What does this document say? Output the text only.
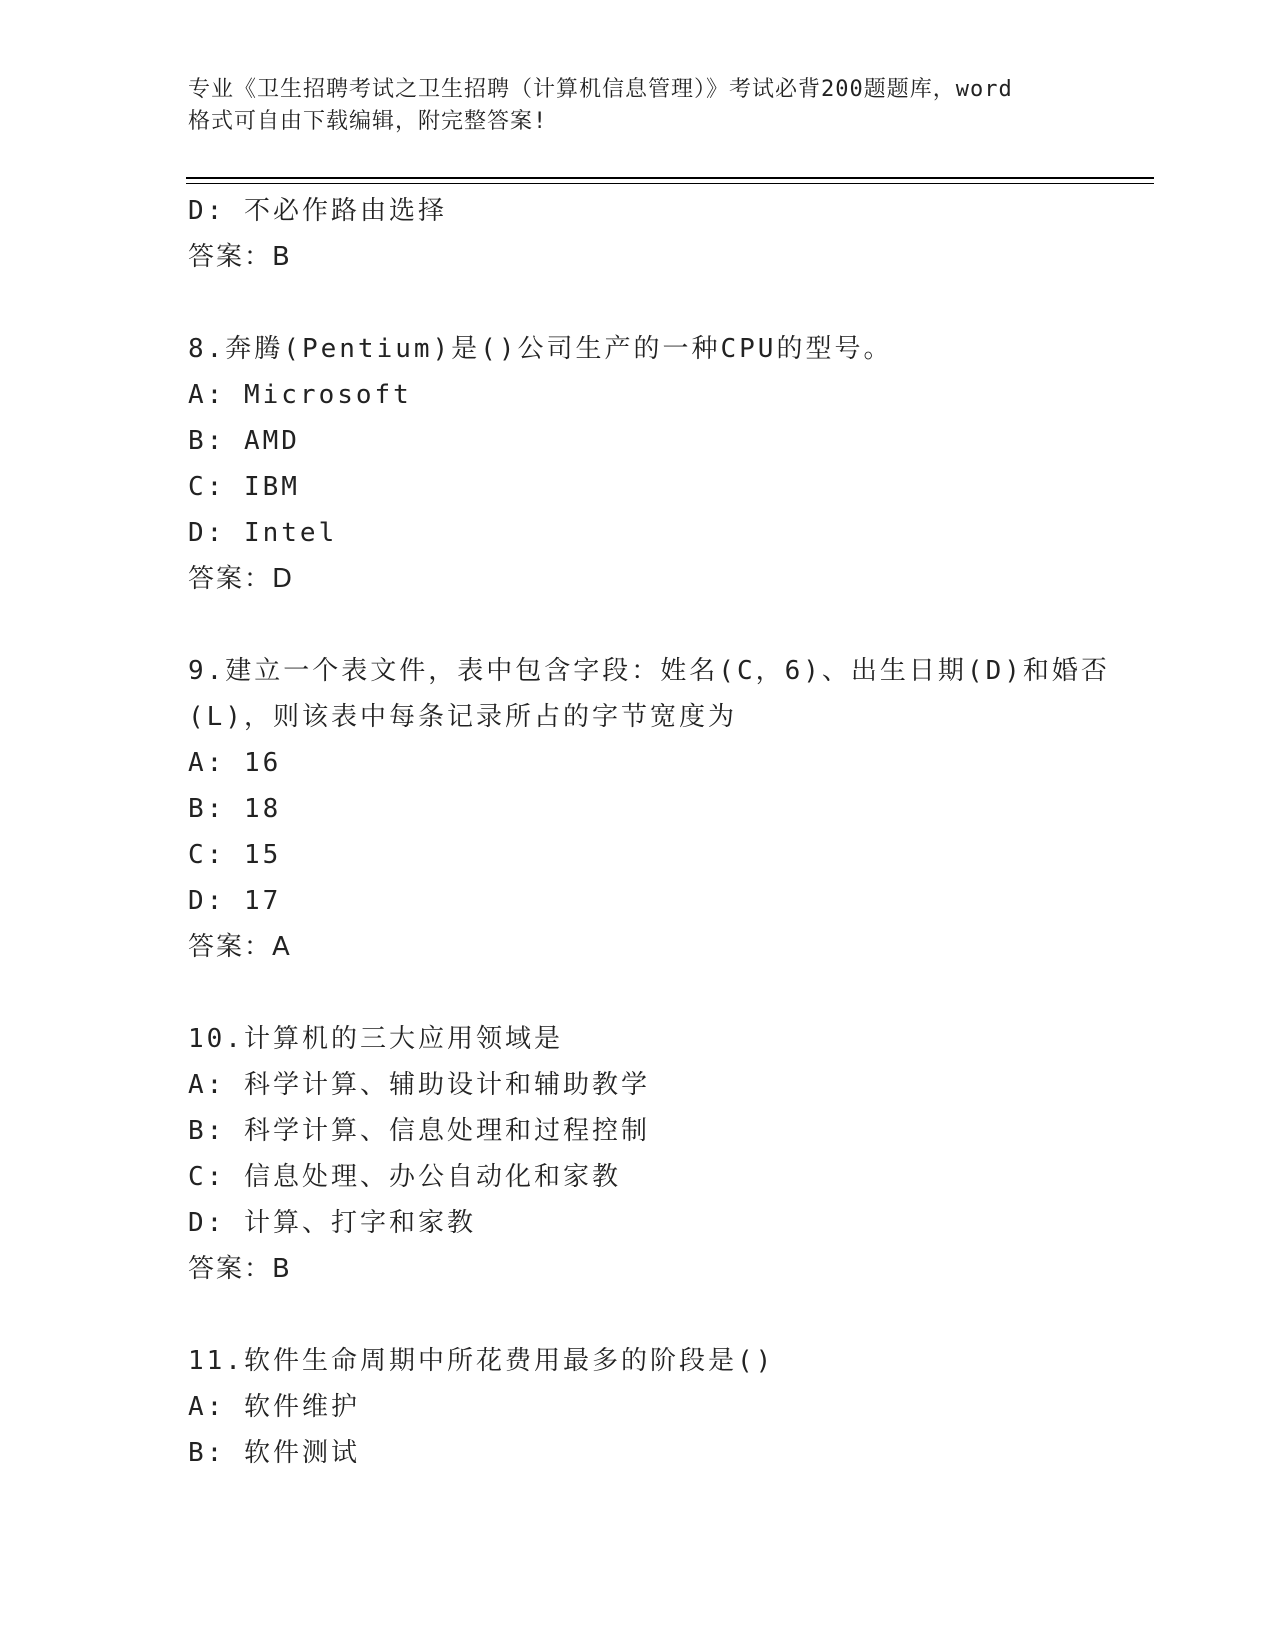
专业《卫生招聘考试之卫生招聘（计算机信息管理）》考试必背200题题库，word
格式可自由下载编辑，附完整答案!
D: 不必作路由选择
答案：B
8.奔腾(Pentium)是()公司生产的一种CPU的型号。
A: Microsoft
B: AMD
C: IBM
D: Intel
答案：D
9.建立一个表文件，表中包含字段：姓名(C，6)、出生日期(D)和婚否
(L)，则该表中每条记录所占的字节宽度为
A: 16
B: 18
C: 15
D: 17
答案：A
10.计算机的三大应用领域是
A: 科学计算、辅助设计和辅助教学
B: 科学计算、信息处理和过程控制
C: 信息处理、办公自动化和家教
D: 计算、打字和家教
答案：B
11.软件生命周期中所花费用最多的阶段是()
A: 软件维护
B: 软件测试
